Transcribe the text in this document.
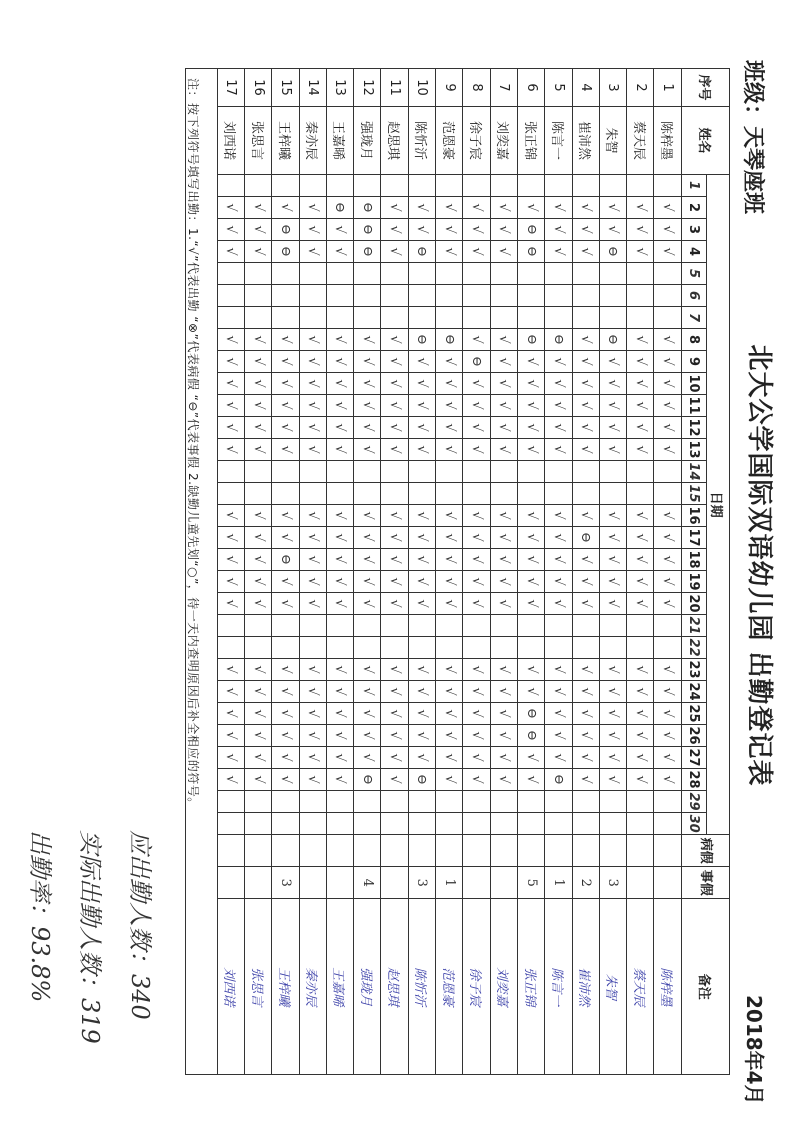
北大公学国际双语幼儿园 出勤登记表
班级：天琴座班
2018年4月
序号	姓名	日期																														病假	事假	备注
		1	2	3	4	5	6	7	8	9	10	11	12	13	14	15	16	17	18	19	20	21	22	23	24	25	26	27	28	29	30			
1	陈梓墨		√	√	√				√	√	√	√	√	√			√	√	√	√	√			√	√	√	√	√	√					陈梓墨
2	蔡天辰		√	√	√				√	√	√	√	√	√			√	√	√	√	√			√	√	√	√	√	√					蔡天辰
3	朱智		√	√	⊖				⊖	√	√	√	√	√			√	√	√	√	√			√	√	√	√	√	√				3	朱智
4	崔沛然		√	√	√				√	√	√	√	√	√			√	⊖	√	√	√			√	√	√	√	√	√				2	崔沛然
5	陈言一		√	√	√				⊖	√	√	√	√	√			√	√	√	√	√			√	√	√	√	√	⊖				1	陈言一
6	张正锦		√	⊖	⊖				⊖	√	√	√	√	√			√	√	√	√	√			√	√	⊖	⊖	√	√				5	张正锦
7	刘奕嘉		√	√	√				√	√	√	√	√	√			√	√	√	√	√			√	√	√	√	√	√					刘奕嘉
8	徐子宸		√	√	√				√	⊖	√	√	√	√			√	√	√	√	√			√	√	√	√	√	√					徐子宸
9	范恩豪		√	√	√				⊖	√	√	√	√	√			√	√	√	√	√			√	√	√	√	√	√				1	范恩豪
10	陈忻沂		√	√	⊖				⊖	√	√	√	√	√			√	√	√	√	√			√	√	√	√	√	⊖				3	陈忻沂
11	赵思琪		√	√	√				√	√	√	√	√	√			√	√	√	√	√			√	√	√	√	√	√					赵思琪
12	强珑月		⊖	⊖	⊖				√	√	√	√	√	√			√	√	√	√	√			√	√	√	√	√	⊖				4	强珑月
13	王嘉晞		⊖	√	√				√	√	√	√	√	√			√	√	√	√	√			√	√	√	√	√	√					王嘉晞
14	秦亦辰		√	√	√				√	√	√	√	√	√			√	√	√	√	√			√	√	√	√	√	√					秦亦辰
15	王梓曦		√	⊖	⊖				√	√	√	√	√	√			√	√	⊖	√	√			√	√	√	√	√	√				3	王梓曦
16	张思言		√	√	√				√	√	√	√	√	√			√	√	√	√	√			√	√	√	√	√	√					张思言
17	刘西诺		√	√	√				√	√	√	√	√	√			√	√	√	√	√			√	√	√	√	√	√					刘西诺

注：按下列符号填写出勤：1.“√”代表出勤 “⊗”代表病假 “⊖”代表事假 2.缺勤儿童先划“○”，待一天内查明原因后补全相应的符号。
应出勤人数：340
实际出勤人数：319
出勤率：93.8%
